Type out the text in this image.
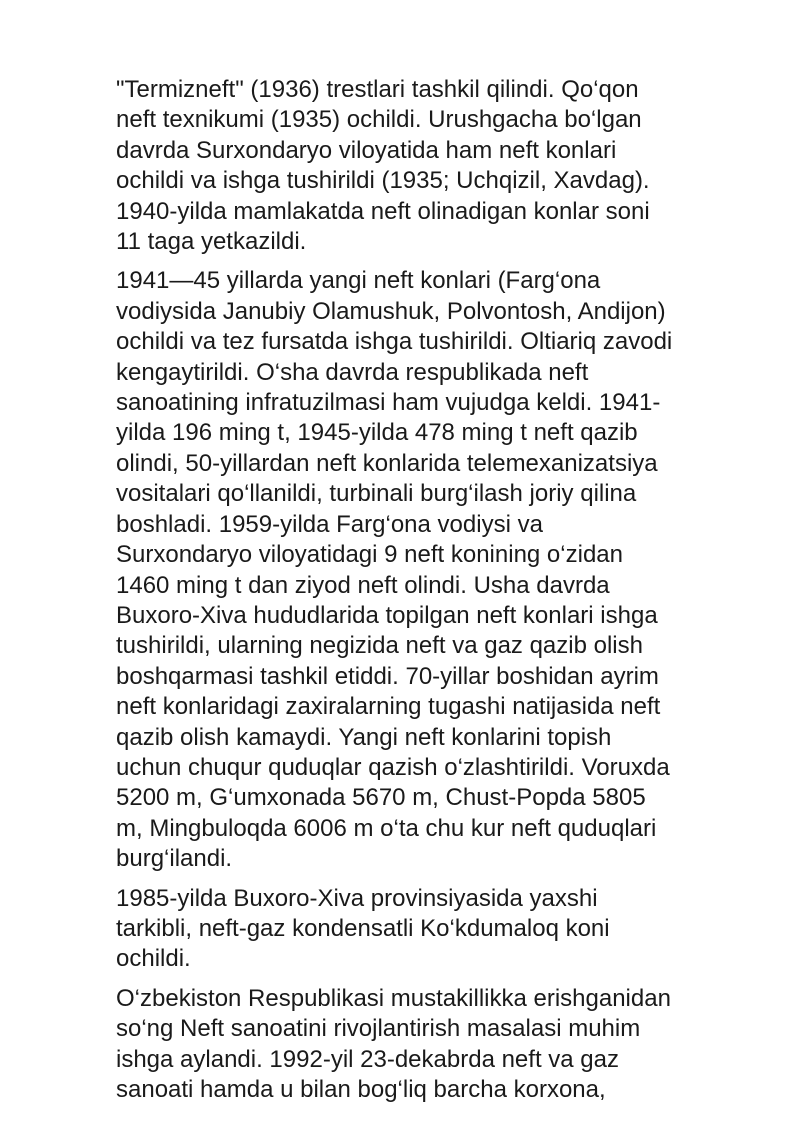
"Termizneft" (1936) trestlari tashkil qilindi. Qo‘qon
neft texnikumi (1935) ochildi. Urushgacha bo‘lgan
davrda Surxondaryo viloyatida ham neft konlari
ochildi va ishga tushirildi (1935; Uchqizil, Xavdag).
1940-yilda mamlakatda neft olinadigan konlar soni
11 taga yetkazildi.

1941—45 yillarda yangi neft konlari (Farg‘ona
vodiysida Janubiy Olamushuk, Polvontosh, Andijon)
ochildi va tez fursatda ishga tushirildi. Oltiariq zavodi
kengaytirildi. O‘sha davrda respublikada neft
sanoatining infratuzilmasi ham vujudga keldi. 1941-
yilda 196 ming t, 1945-yilda 478 ming t neft qazib
olindi, 50-yillardan neft konlarida telemexanizatsiya
vositalari qo‘llanildi, turbinali burg‘ilash joriy qilina
boshladi. 1959-yilda Farg‘ona vodiysi va
Surxondaryo viloyatidagi 9 neft konining o‘zidan
1460 ming t dan ziyod neft olindi. Usha davrda
Buxoro-Xiva hududlarida topilgan neft konlari ishga
tushirildi, ularning negizida neft va gaz qazib olish
boshqarmasi tashkil etiddi. 70-yillar boshidan ayrim
neft konlaridagi zaxiralarning tugashi natijasida neft
qazib olish kamaydi. Yangi neft konlarini topish
uchun chuqur quduqlar qazish o‘zlashtirildi. Voruxda
5200 m, G‘umxonada 5670 m, Chust-Popda 5805
m, Mingbuloqda 6006 m o‘ta chu kur neft quduqlari
burg‘ilandi.

1985-yilda Buxoro-Xiva provinsiyasida yaxshi
tarkibli, neft-gaz kondensatli Ko‘kdumaloq koni
ochildi.

O‘zbekiston Respublikasi mustakillikka erishganidan
so‘ng Neft sanoatini rivojlantirish masalasi muhim
ishga aylandi. 1992-yil 23-dekabrda neft va gaz
sanoati hamda u bilan bog‘liq barcha korxona,
